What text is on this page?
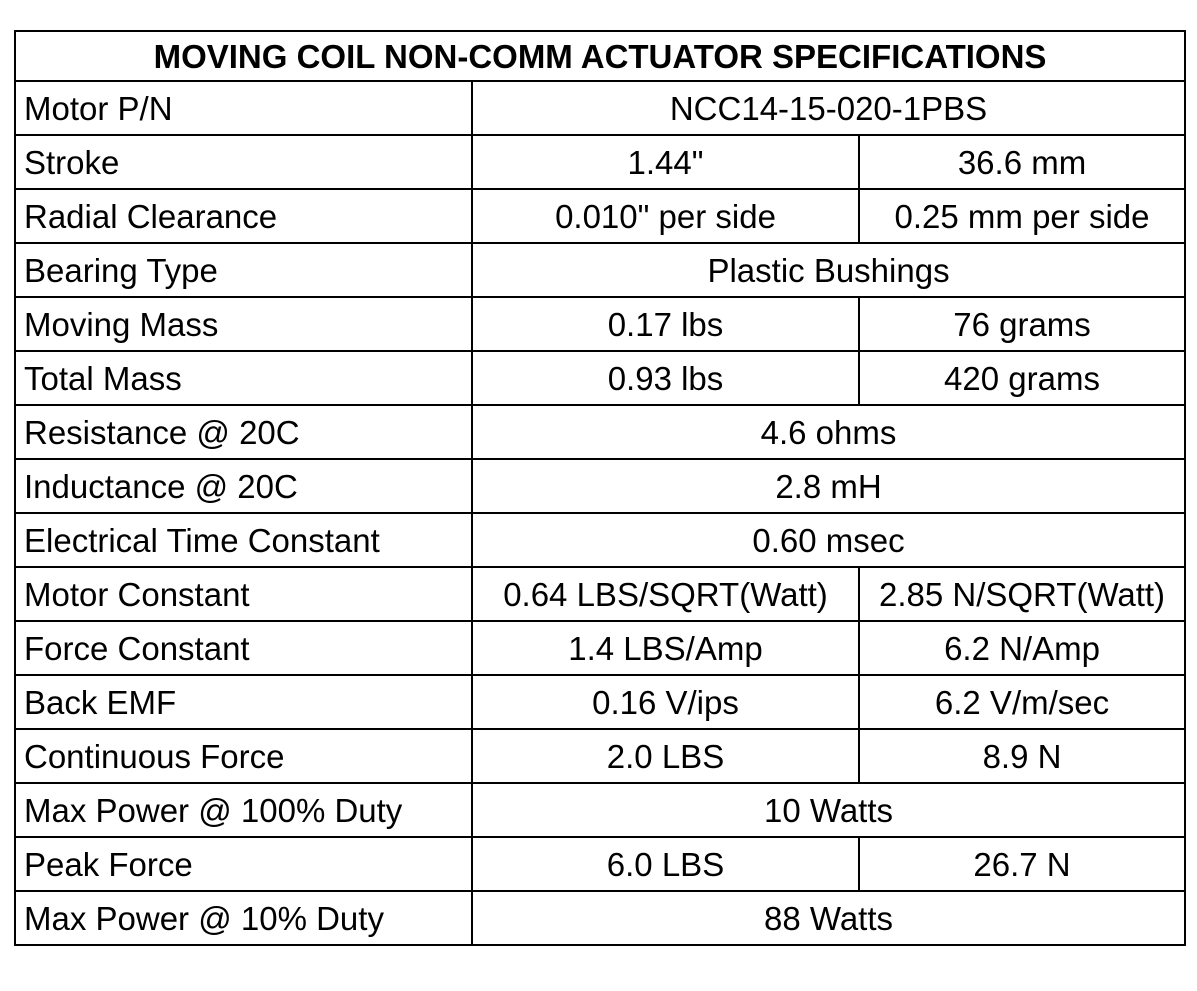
MOVING COIL NON-COMM ACTUATOR SPECIFICATIONS		
Motor P/N	NCC14-15-020-1PBS	
Stroke	1.44"	36.6 mm
Radial Clearance	0.010" per side	0.25 mm per side
Bearing Type	Plastic Bushings	
Moving Mass	0.17 lbs	76 grams
Total Mass	0.93 lbs	420 grams
Resistance @ 20C	4.6 ohms	
Inductance @ 20C	2.8 mH	
Electrical Time Constant	0.60 msec	
Motor Constant	0.64 LBS/SQRT(Watt)	2.85 N/SQRT(Watt)
Force Constant	1.4 LBS/Amp	6.2 N/Amp
Back EMF	0.16 V/ips	6.2 V/m/sec
Continuous Force	2.0 LBS	8.9 N
Max Power @ 100% Duty	10 Watts	
Peak Force	6.0 LBS	26.7 N
Max Power @ 10% Duty	88 Watts	
